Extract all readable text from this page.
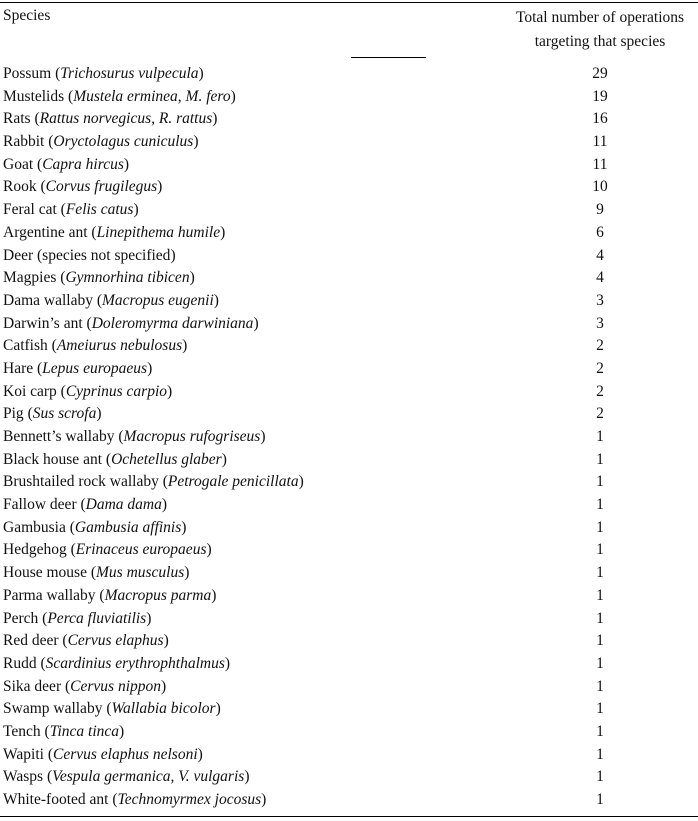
Species	Total number of operations
targeting that species
Possum (Trichosurus vulpecula)	29
Mustelids (Mustela erminea, M. fero)	19
Rats (Rattus norvegicus, R. rattus)	16
Rabbit (Oryctolagus cuniculus)	11
Goat (Capra hircus)	11
Rook (Corvus frugilegus)	10
Feral cat (Felis catus)	9
Argentine ant (Linepithema humile)	6
Deer (species not specified)	4
Magpies (Gymnorhina tibicen)	4
Dama wallaby (Macropus eugenii)	3
Darwin’s ant (Doleromyrma darwiniana)	3
Catfish (Ameiurus nebulosus)	2
Hare (Lepus europaeus)	2
Koi carp (Cyprinus carpio)	2
Pig (Sus scrofa)	2
Bennett’s wallaby (Macropus rufogriseus)	1
Black house ant (Ochetellus glaber)	1
Brushtailed rock wallaby (Petrogale penicillata)	1
Fallow deer (Dama dama)	1
Gambusia (Gambusia affinis)	1
Hedgehog (Erinaceus europaeus)	1
House mouse (Mus musculus)	1
Parma wallaby (Macropus parma)	1
Perch (Perca fluviatilis)	1
Red deer (Cervus elaphus)	1
Rudd (Scardinius erythrophthalmus)	1
Sika deer (Cervus nippon)	1
Swamp wallaby (Wallabia bicolor)	1
Tench (Tinca tinca)	1
Wapiti (Cervus elaphus nelsoni)	1
Wasps (Vespula germanica, V. vulgaris)	1
White-footed ant (Technomyrmex jocosus)	1
